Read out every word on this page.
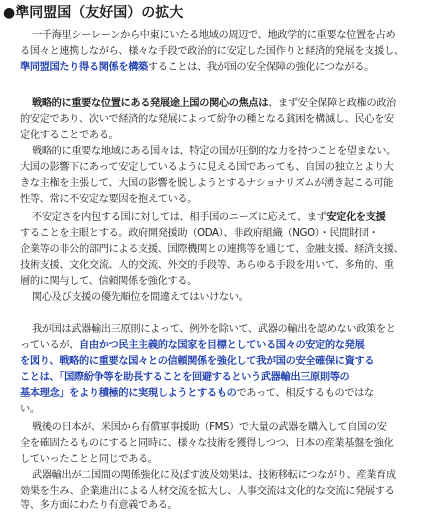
●準同盟国（友好国）の拡大
一千海里シーレーンから中東にいたる地域の周辺で、地政学的に重要な位置を占め
る国々と連携しながら、様々な手段で政治的に安定した国作りと経済的発展を支援し、
準同盟国たり得る関係を構築することは、我が国の安全保障の強化につながる。
戦略的に重要な位置にある発展途上国の関心の焦点は、まず安全保障と政権の政治
的安定であり、次いで経済的な発展によって紛争の種となる貧困を構滅し、民心を安
定化することである。
戦略的に重要な地域にある国々は、特定の国が圧倒的な力を持つことを望まない。
大国の影響下にあって安定しているように見える国であっても、自国の独立とより大
きな主権を主張して、大国の影響を脱しようとするナショナリズムが湧き起こる可能
性等、常に不安定な要因を抱えている。
不安定さを内包する国に対しては、相手国のニーズに応えて、まず安定化を支援
することを主眼とする。政府開発援助（ODA）、非政府組織（NGO）・民間財団・
企業等の非公的部門による支援、国際機関との連携等を通じて、金融支援、経済支援、
技術支援、文化交流、人的交流、外交的手段等、あらゆる手段を用いて、多角的、重
層的に関与して、信頼関係を強化する。
関心及び支援の優先順位を間違えてはいけない。
我が国は武器輸出三原則によって、例外を除いて、武器の輸出を認めない政策をと
っているが、自由かつ民主主義的な国家を目標としている国々の安定的な発展
を図り、戦略的に重要な国々との信頼関係を強化して我が国の安全確保に資する
ことは、「国際紛争等を助長することを回避するという武器輸出三原則等の
基本理念」をより積極的に実現しようとするものであって、相反するものではな
い。
戦後の日本が、米国から有償軍事援助（FMS）で大量の武器を購入して自国の安
全を確固たるものにすると同時に、様々な技術を獲得しつつ、日本の産業基盤を強化
していったことと同じである。
武器輸出が二国間の関係強化に及ぼす波及効果は、技術移転につながり、産業育成
効果を生み、企業進出による人材交流を拡大し、人事交流は文化的な交流に発展する
等、多方面にわたり有意義である。
